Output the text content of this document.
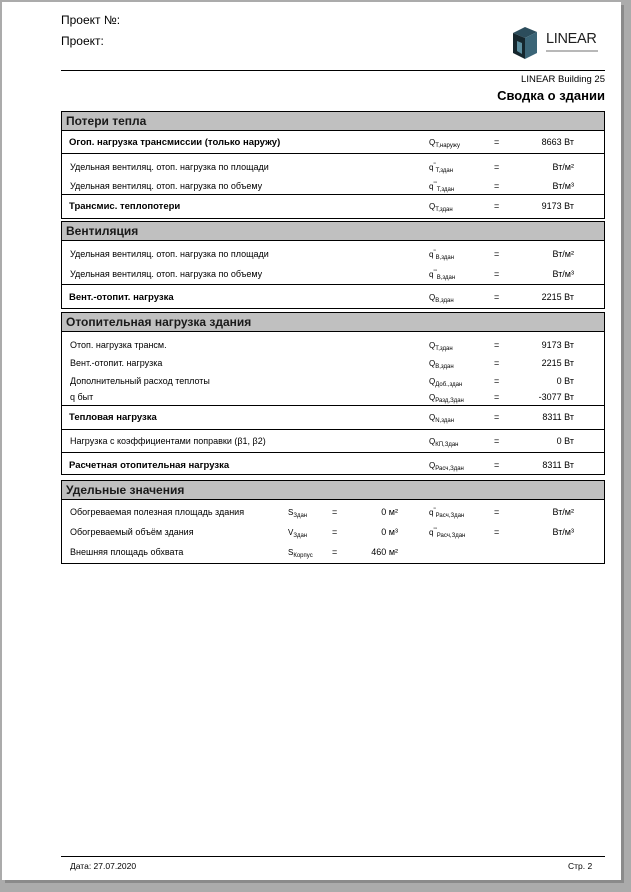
Проект №:
Проект:	LINEAR
LINEAR Building 25
Сводка о здании
Потери тепла
Огоп. нагрузка трансмиссии (только наружу)	$Q_{T,наружу}$	=	8663 Вт
Удельная вентиляц. отоп. нагрузка по площади	$q^"_{T,здан}$	=	Вт/м²
Удельная вентиляц. отоп. нагрузка по объему	$q^{"'}_{T,здан}$	=	Вт/м³
Трансмис. теплопотери	$Q_{T,здан}$	=	9173 Вт
Вентиляция
Удельная вентиляц. отоп. нагрузка по площади	$q^"_{В,здан}$	=	Вт/м²
Удельная вентиляц. отоп. нагрузка по объему	$q^{"'}_{В,здан}$	=	Вт/м³
Вент.-отопит. нагрузка	$Q_{В,здан}$	=	2215 Вт
Отопительная нагрузка здания
Отоп. нагрузка трансм.	$Q_{T,здан}$	=	9173 Вт
Вент.-отопит. нагрузка	$Q_{В,здан}$	=	2215 Вт
Дополнительный расход теплоты	$Q_{Доб.,здан}$	=	0 Вт
q быт	$Q_{Разд,Здан}$	=	-3077 Вт
Тепловая нагрузка	$Q_{N,здан}$	=	8311 Вт
Нагрузка с коэффициентами поправки (β1, β2)	$Q_{КП,Здан}$	=	0 Вт
Расчетная отопительная нагрузка	$Q_{Расч,Здан}$	=	8311 Вт
Удельные значения
Обогреваемая полезная площадь здания	$S_{Здан}$	=	0 м²	$q^"_{Расч,Здан}$	=	Вт/м²
Обогреваемый объём здания	$V_{Здан}$	=	0 м³	$q^{"'}_{Расч,Здан}$	=	Вт/м³
Внешняя площадь обхвата	$S_{Корпус}$ =	460 м²
Дата: 27.07.2020	Стр. 2
